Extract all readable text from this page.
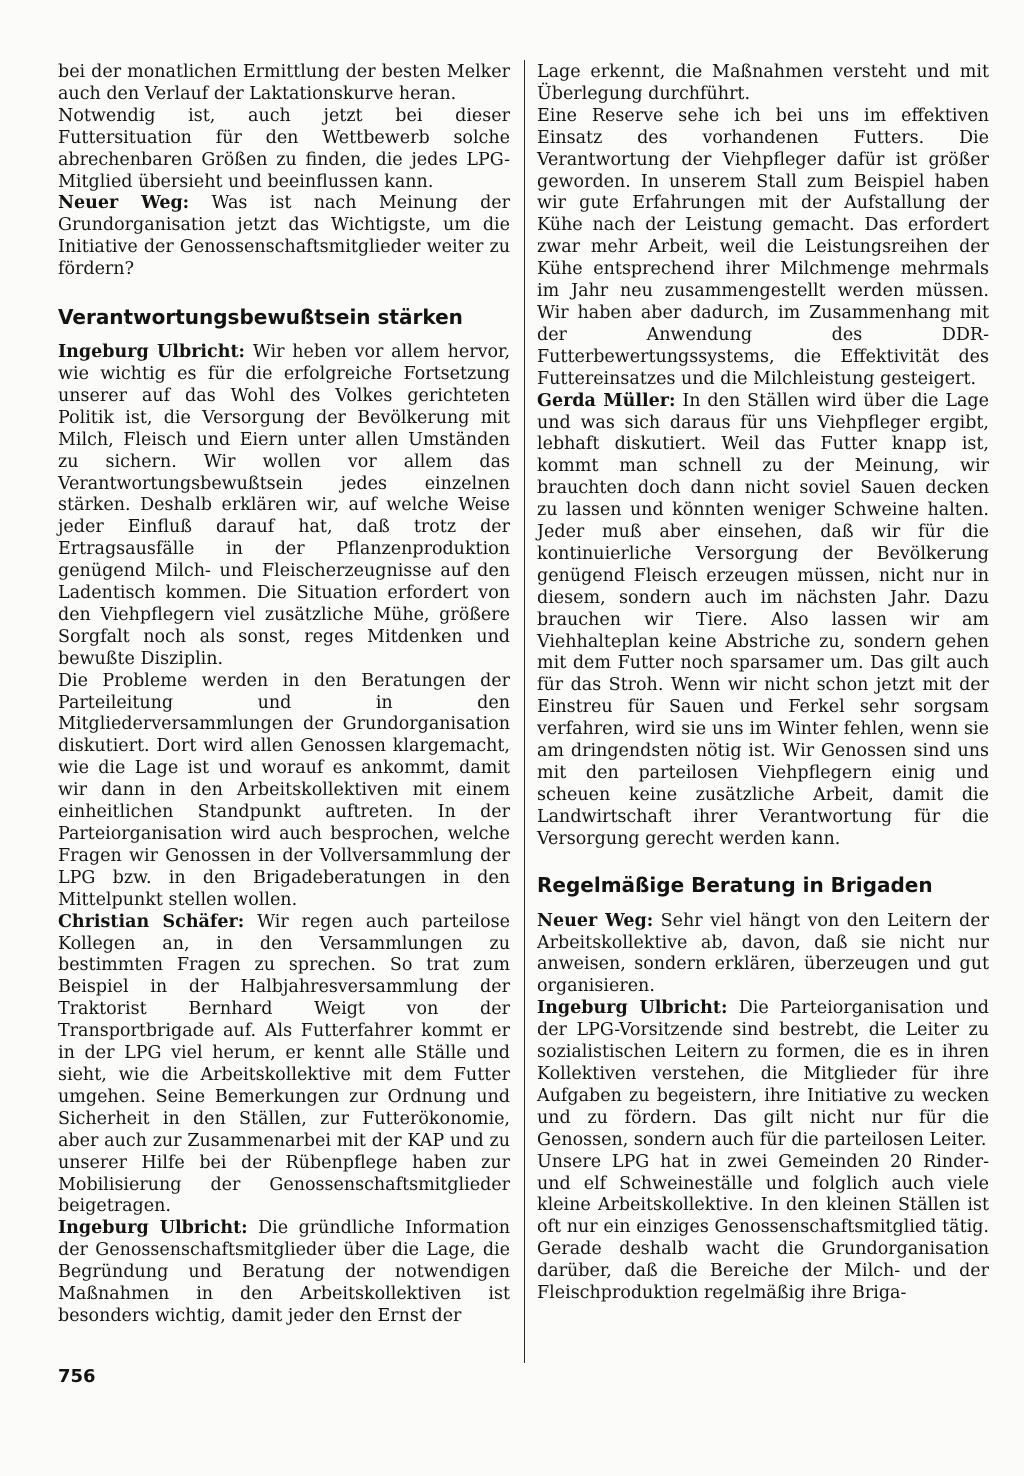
bei der monatlichen Ermittlung der besten Melker auch den Verlauf der Laktationskurve heran.

Notwendig ist, auch jetzt bei dieser Futtersituation für den Wettbewerb solche abrechenbaren Größen zu finden, die jedes LPG-Mitglied übersieht und beeinflussen kann.

Neuer Weg: Was ist nach Meinung der Grundorganisation jetzt das Wichtigste, um die Initiative der Genossenschaftsmitglieder weiter zu fördern?

Verantwortungsbewußtsein stärken

Ingeburg Ulbricht: Wir heben vor allem hervor, wie wichtig es für die erfolgreiche Fortsetzung unserer auf das Wohl des Volkes gerichteten Politik ist, die Versorgung der Bevölkerung mit Milch, Fleisch und Eiern unter allen Umständen zu sichern. Wir wollen vor allem das Verantwortungsbewußtsein jedes einzelnen stärken. Deshalb erklären wir, auf welche Weise jeder Einfluß darauf hat, daß trotz der Ertragsausfälle in der Pflanzenproduktion genügend Milch- und Fleischerzeugnisse auf den Ladentisch kommen. Die Situation erfordert von den Viehpflegern viel zusätzliche Mühe, größere Sorgfalt noch als sonst, reges Mitdenken und bewußte Disziplin.

Die Probleme werden in den Beratungen der Parteileitung und in den Mitgliederversammlungen der Grundorganisation diskutiert. Dort wird allen Genossen klargemacht, wie die Lage ist und worauf es ankommt, damit wir dann in den Arbeitskollektiven mit einem einheitlichen Standpunkt auftreten. In der Parteiorganisation wird auch besprochen, welche Fragen wir Genossen in der Vollversammlung der LPG bzw. in den Brigadeberatungen in den Mittelpunkt stellen wollen.

Christian Schäfer: Wir regen auch parteilose Kollegen an, in den Versammlungen zu bestimmten Fragen zu sprechen. So trat zum Beispiel in der Halbjahresversammlung der Traktorist Bernhard Weigt von der Transportbrigade auf. Als Futterfahrer kommt er in der LPG viel herum, er kennt alle Ställe und sieht, wie die Arbeitskollektive mit dem Futter umgehen. Seine Bemerkungen zur Ordnung und Sicherheit in den Ställen, zur Futterökonomie, aber auch zur Zusammenarbei mit der KAP und zu unserer Hilfe bei der Rübenpflege haben zur Mobilisierung der Genossenschaftsmitglieder beigetragen.

Ingeburg Ulbricht: Die gründliche Information der Genossenschaftsmitglieder über die Lage, die Begründung und Beratung der notwendigen Maßnahmen in den Arbeitskollektiven ist besonders wichtig, damit jeder den Ernst der

Lage erkennt, die Maßnahmen versteht und mit Überlegung durchführt.

Eine Reserve sehe ich bei uns im effektiven Einsatz des vorhandenen Futters. Die Verantwortung der Viehpfleger dafür ist größer geworden. In unserem Stall zum Beispiel haben wir gute Erfahrungen mit der Aufstallung der Kühe nach der Leistung gemacht. Das erfordert zwar mehr Arbeit, weil die Leistungsreihen der Kühe entsprechend ihrer Milchmenge mehrmals im Jahr neu zusammengestellt werden müssen. Wir haben aber dadurch, im Zusammenhang mit der Anwendung des DDR-Futterbewertungssystems, die Effektivität des Futtereinsatzes und die Milchleistung gesteigert.

Gerda Müller: In den Ställen wird über die Lage und was sich daraus für uns Viehpfleger ergibt, lebhaft diskutiert. Weil das Futter knapp ist, kommt man schnell zu der Meinung, wir brauchten doch dann nicht soviel Sauen decken zu lassen und könnten weniger Schweine halten. Jeder muß aber einsehen, daß wir für die kontinuierliche Versorgung der Bevölkerung genügend Fleisch erzeugen müssen, nicht nur in diesem, sondern auch im nächsten Jahr. Dazu brauchen wir Tiere. Also lassen wir am Viehhalteplan keine Abstriche zu, sondern gehen mit dem Futter noch sparsamer um. Das gilt auch für das Stroh. Wenn wir nicht schon jetzt mit der Einstreu für Sauen und Ferkel sehr sorgsam verfahren, wird sie uns im Winter fehlen, wenn sie am dringendsten nötig ist. Wir Genossen sind uns mit den parteilosen Viehpflegern einig und scheuen keine zusätzliche Arbeit, damit die Landwirtschaft ihrer Verantwortung für die Versorgung gerecht werden kann.

Regelmäßige Beratung in Brigaden

Neuer Weg: Sehr viel hängt von den Leitern der Arbeitskollektive ab, davon, daß sie nicht nur anweisen, sondern erklären, überzeugen und gut organisieren.

Ingeburg Ulbricht: Die Parteiorganisation und der LPG-Vorsitzende sind bestrebt, die Leiter zu sozialistischen Leitern zu formen, die es in ihren Kollektiven verstehen, die Mitglieder für ihre Aufgaben zu begeistern, ihre Initiative zu wecken und zu fördern. Das gilt nicht nur für die Genossen, sondern auch für die parteilosen Leiter.

Unsere LPG hat in zwei Gemeinden 20 Rinder- und elf Schweineställe und folglich auch viele kleine Arbeitskollektive. In den kleinen Ställen ist oft nur ein einziges Genossenschaftsmitglied tätig. Gerade deshalb wacht die Grundorganisation darüber, daß die Bereiche der Milch- und der Fleischproduktion regelmäßig ihre Briga-

756
